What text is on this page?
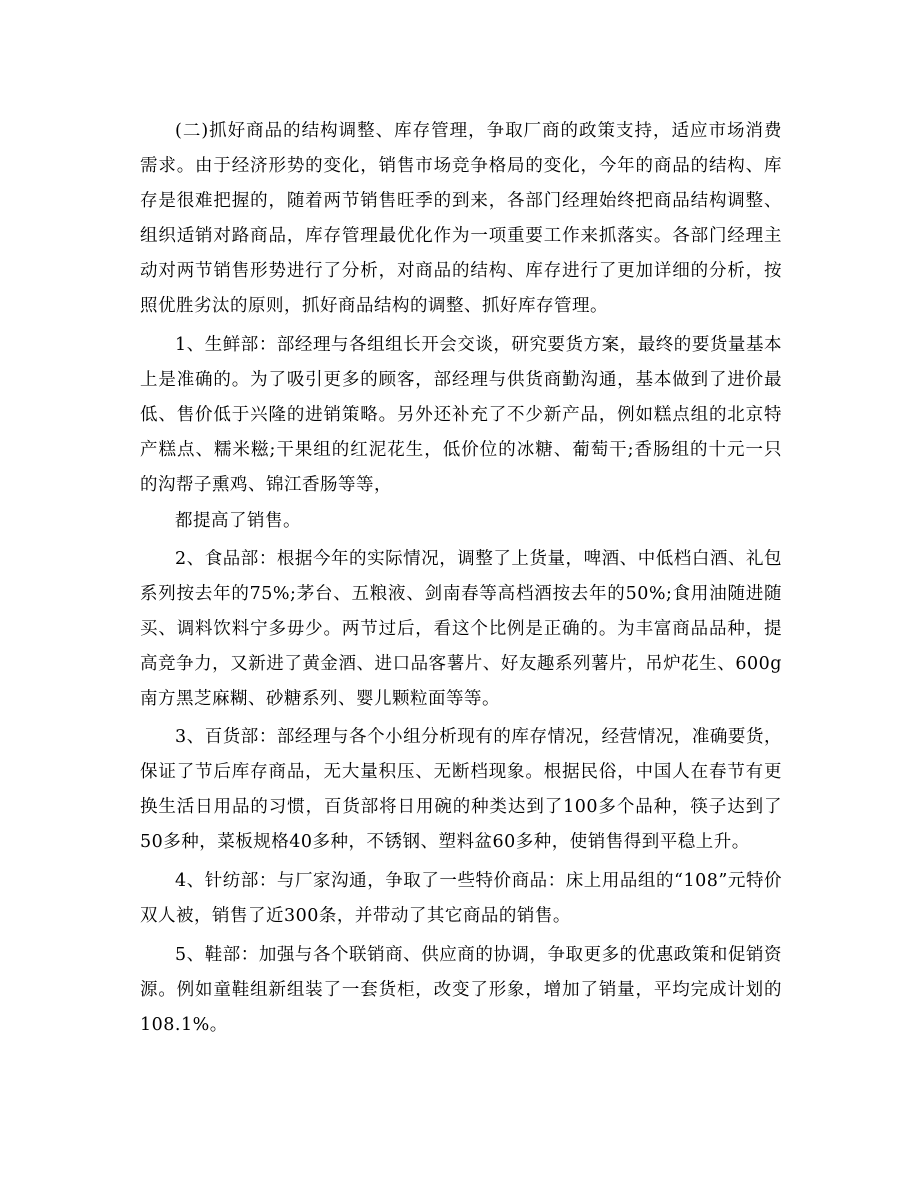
(二)抓好商品的结构调整、库存管理，争取厂商的政策支持，适应市场消费需求。由于经济形势的变化，销售市场竞争格局的变化，今年的商品的结构、库存是很难把握的，随着两节销售旺季的到来，各部门经理始终把商品结构调整、组织适销对路商品，库存管理最优化作为一项重要工作来抓落实。各部门经理主动对两节销售形势进行了分析，对商品的结构、库存进行了更加详细的分析，按照优胜劣汰的原则，抓好商品结构的调整、抓好库存管理。

1、生鲜部：部经理与各组组长开会交谈，研究要货方案，最终的要货量基本上是准确的。为了吸引更多的顾客，部经理与供货商勤沟通，基本做到了进价最低、售价低于兴隆的进销策略。另外还补充了不少新产品，例如糕点组的北京特产糕点、糯米糍;干果组的红泥花生，低价位的冰糖、葡萄干;香肠组的十元一只的沟帮子熏鸡、锦江香肠等等，

都提高了销售。

2、食品部：根据今年的实际情况，调整了上货量，啤酒、中低档白酒、礼包系列按去年的75%;茅台、五粮液、剑南春等高档酒按去年的50%;食用油随进随买、调料饮料宁多毋少。两节过后，看这个比例是正确的。为丰富商品品种，提高竞争力，又新进了黄金酒、进口品客薯片、好友趣系列薯片，吊炉花生、600g南方黑芝麻糊、砂糖系列、婴儿颗粒面等等。

3、百货部：部经理与各个小组分析现有的库存情况，经营情况，准确要货，保证了节后库存商品，无大量积压、无断档现象。根据民俗，中国人在春节有更换生活日用品的习惯，百货部将日用碗的种类达到了100多个品种，筷子达到了50多种，菜板规格40多种，不锈钢、塑料盆60多种，使销售得到平稳上升。

4、针纺部：与厂家沟通，争取了一些特价商品：床上用品组的“108”元特价双人被，销售了近300条，并带动了其它商品的销售。

5、鞋部：加强与各个联销商、供应商的协调，争取更多的优惠政策和促销资源。例如童鞋组新组装了一套货柜，改变了形象，增加了销量，平均完成计划的108.1%。
